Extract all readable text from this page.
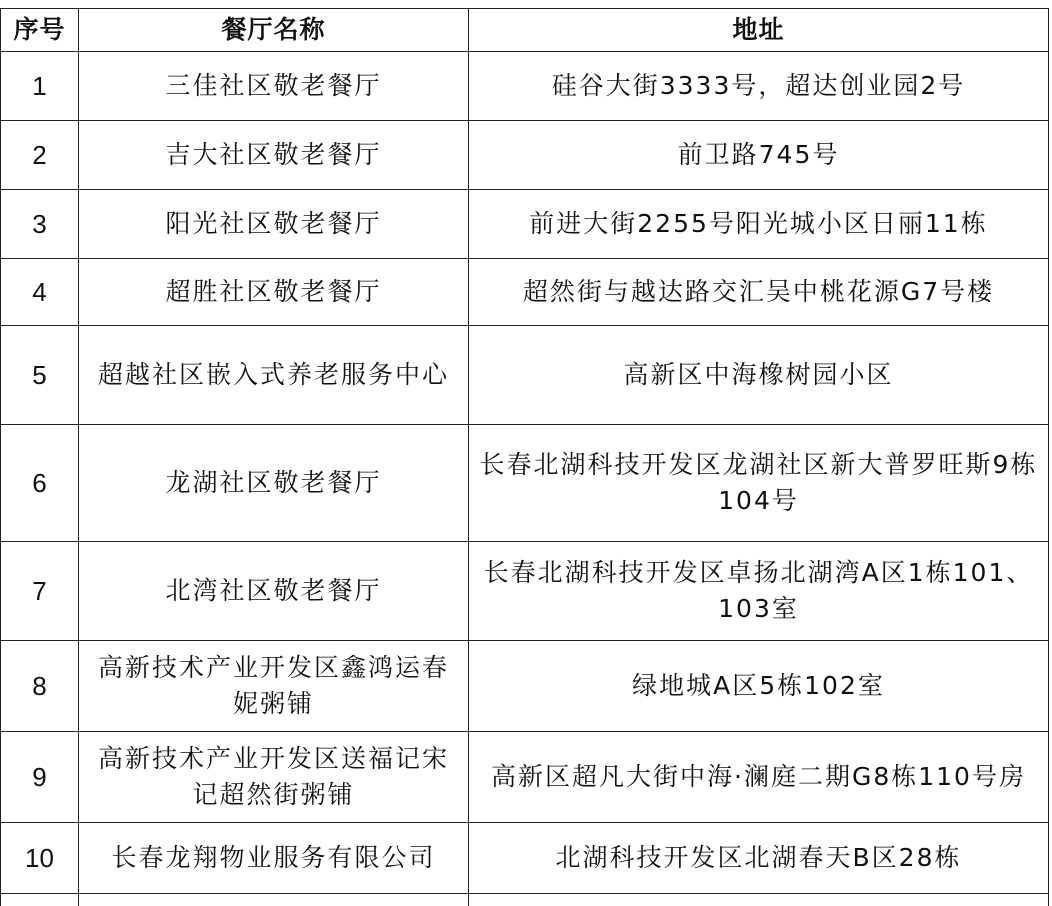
序号	餐厅名称	地址
1	三佳社区敬老餐厅	硅谷大街3333号，超达创业园2号
2	吉大社区敬老餐厅	前卫路745号
3	阳光社区敬老餐厅	前进大街2255号阳光城小区日丽11栋
4	超胜社区敬老餐厅	超然街与越达路交汇吴中桃花源G7号楼
5	超越社区嵌入式养老服务中心	高新区中海橡树园小区
6	龙湖社区敬老餐厅	长春北湖科技开发区龙湖社区新大普罗旺斯9栋104号
7	北湾社区敬老餐厅	长春北湖科技开发区卓扬北湖湾A区1栋101、103室
8	高新技术产业开发区鑫鸿运春妮粥铺	绿地城A区5栋102室
9	高新技术产业开发区送福记宋记超然街粥铺	高新区超凡大街中海·澜庭二期G8栋110号房
10	长春龙翔物业服务有限公司	北湖科技开发区北湖春天B区28栋
